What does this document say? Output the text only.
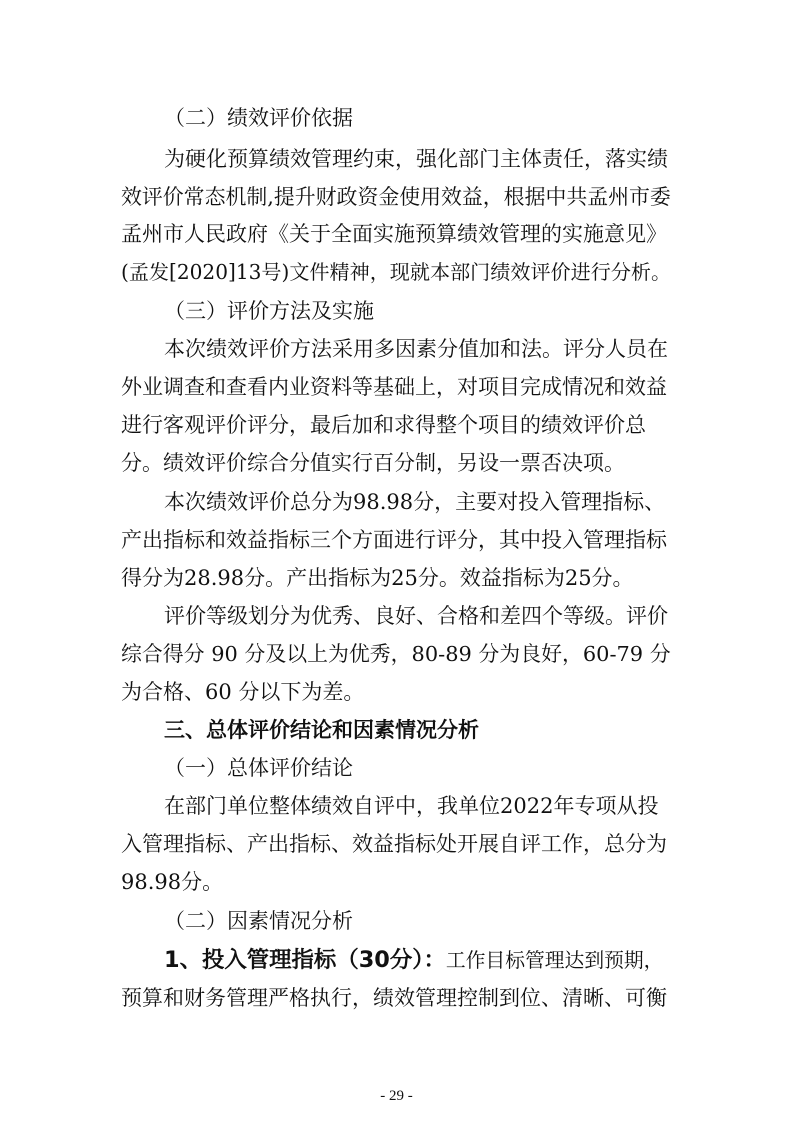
（二）绩效评价依据
为硬化预算绩效管理约束，强化部门主体责任，落实绩
效评价常态机制,提升财政资金使用效益，根据中共孟州市委
孟州市人民政府《关于全面实施预算绩效管理的实施意见》
(孟发[2020]13号)文件精神，现就本部门绩效评价进行分析。
（三）评价方法及实施
本次绩效评价方法采用多因素分值加和法。评分人员在
外业调查和查看内业资料等基础上，对项目完成情况和效益
进行客观评价评分，最后加和求得整个项目的绩效评价总
分。绩效评价综合分值实行百分制，另设一票否决项。
本次绩效评价总分为98.98分，主要对投入管理指标、
产出指标和效益指标三个方面进行评分，其中投入管理指标
得分为28.98分。产出指标为25分。效益指标为25分。
评价等级划分为优秀、良好、合格和差四个等级。评价
综合得分 90 分及以上为优秀，80-89 分为良好，60-79 分
为合格、60 分以下为差。
三、总体评价结论和因素情况分析
（一）总体评价结论
在部门单位整体绩效自评中，我单位2022年专项从投
入管理指标、产出指标、效益指标处开展自评工作，总分为
98.98分。
（二）因素情况分析
1、投入管理指标（30分）：工作目标管理达到预期，
预算和财务管理严格执行，绩效管理控制到位、清晰、可衡
- 29 -
